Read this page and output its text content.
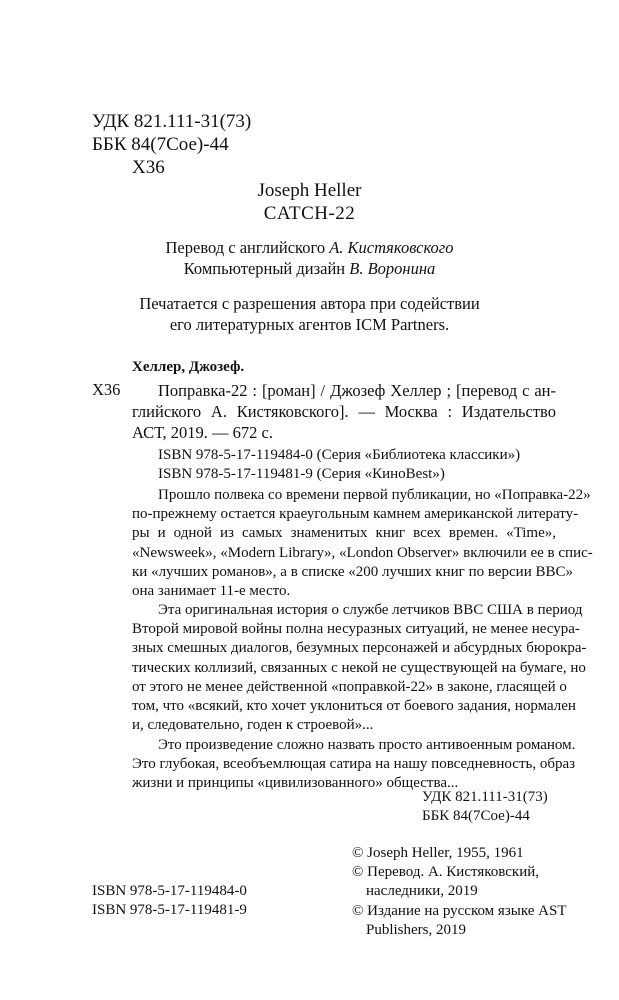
УДК 821.111-31(73)
ББК 84(7Сое)-44
Х36
Joseph Heller
CATCH-22
Перевод с английского А. Кистяковского
Компьютерный дизайн В. Воронина
Печатается с разрешения автора при содействии
его литературных агентов ICM Partners.
Хеллер, Джозеф.
Х36 Поправка-22 : [роман] / Джозеф Хеллер ; [перевод с ан-
глийского А. Кистяковского]. — Москва : Издательство
АСТ, 2019. — 672 с.
ISBN 978-5-17-119484-0 (Серия «Библиотека классики»)
ISBN 978-5-17-119481-9 (Серия «КиноBest»)
Прошло полвека со времени первой публикации, но «Поправка-22»
по-прежнему остается краеугольным камнем американской литерату-
ры и одной из самых знаменитых книг всех времен. «Time»,
«Newsweek», «Modern Library», «London Observer» включили ее в спис-
ки «лучших романов», а в списке «200 лучших книг по версии BBC»
она занимает 11-е место.
Эта оригинальная история о службе летчиков ВВС США в период
Второй мировой войны полна несуразных ситуаций, не менее несура-
зных смешных диалогов, безумных персонажей и абсурдных бюрокра-
тических коллизий, связанных с некой не существующей на бумаге, но
от этого не менее действенной «поправкой-22» в законе, гласящей о
том, что «всякий, кто хочет уклониться от боевого задания, нормален
и, следовательно, годен к строевой»...
Это произведение сложно назвать просто антивоенным романом.
Это глубокая, всеобъемлющая сатира на нашу повседневность, образ
жизни и принципы «цивилизованного» общества...
УДК 821.111-31(73)
ББК 84(7Сое)-44
© Joseph Heller, 1955, 1961
© Перевод. А. Кистяковский,
наследники, 2019
© Издание на русском языке AST
Publishers, 2019
ISBN 978-5-17-119484-0
ISBN 978-5-17-119481-9
